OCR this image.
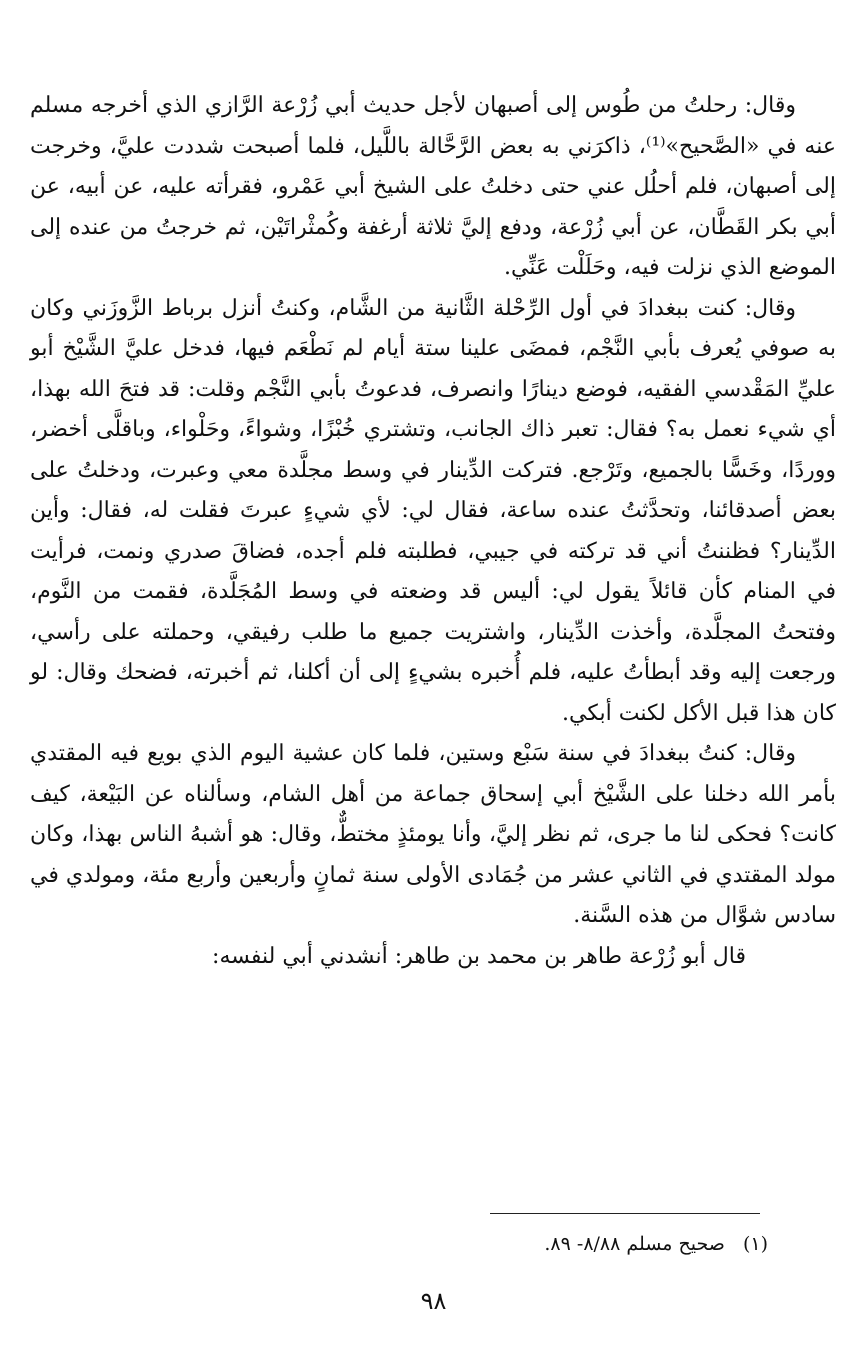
وقال: رحلتُ من طُوس إلى أصبهان لأجل حديث أبي زُرْعة الرَّازي الذي أخرجه مسلم عنه في «الصَّحيح»⁽¹⁾، ذاكرَني به بعض الرَّحَّالة باللَّيل، فلما أصبحت شددت عليَّ، وخرجت إلى أصبهان، فلم أحلُل عني حتى دخلتُ على الشيخ أبي عَمْرو، فقرأته عليه، عن أبيه، عن أبي بكر القَطَّان، عن أبي زُرْعة، ودفع إليَّ ثلاثة أرغفة وكُمثْراتَيْن، ثم خرجتُ من عنده إلى الموضع الذي نزلت فيه، وحَلَلْت عَنِّي.

وقال: كنت ببغدادَ في أول الرِّحْلة الثَّانية من الشَّام، وكنتُ أنزل برباط الزَّوزَني وكان به صوفي يُعرف بأبي النَّجْم، فمضَى علينا ستة أيام لم نَطْعَم فيها، فدخل عليَّ الشَّيْخ أبو عليِّ المَقْدسي الفقيه، فوضع دينارًا وانصرف، فدعوتُ بأبي النَّجْم وقلت: قد فتحَ الله بهذا، أي شيء نعمل به؟ فقال: تعبر ذاك الجانب، وتشتري خُبْزًا، وشواءً، وحَلْواء، وباقلَّى أخضر، ووردًا، وخَسًّا بالجميع، وتَرْجع. فتركت الدِّينار في وسط مجلَّدة معي وعبرت، ودخلتُ على بعض أصدقائنا، وتحدَّثتُ عنده ساعة، فقال لي: لأي شيءٍ عبرتَ فقلت له، فقال: وأين الدِّينار؟ فظننتُ أني قد تركته في جيبي، فطلبته فلم أجده، فضاقَ صدري ونمت، فرأيت في المنام كأن قائلاً يقول لي: أليس قد وضعته في وسط المُجَلَّدة، فقمت من النَّوم، وفتحتُ المجلَّدة، وأخذت الدِّينار، واشتريت جميع ما طلب رفيقي، وحملته على رأسي، ورجعت إليه وقد أبطأتُ عليه، فلم أُخبره بشيءٍ إلى أن أكلنا، ثم أخبرته، فضحك وقال: لو كان هذا قبل الأكل لكنت أبكي.

وقال: كنتُ ببغدادَ في سنة سَبْع وستين، فلما كان عشية اليوم الذي بويع فيه المقتدي بأمر الله دخلنا على الشَّيْخ أبي إسحاق جماعة من أهل الشام، وسألناه عن البَيْعة، كيف كانت؟ فحكى لنا ما جرى، ثم نظر إليَّ، وأنا يومئذٍ مختطٌّ، وقال: هو أشبهُ الناس بهذا، وكان مولد المقتدي في الثاني عشر من جُمَادى الأولى سنة ثمانٍ وأربعين وأربع مئة، ومولدي في سادس شوَّال من هذه السَّنة.

قال أبو زُرْعة طاهر بن محمد بن طاهر: أنشدني أبي لنفسه:

(١) صحيح مسلم ٨/٨٨- ٨٩.
٩٨
